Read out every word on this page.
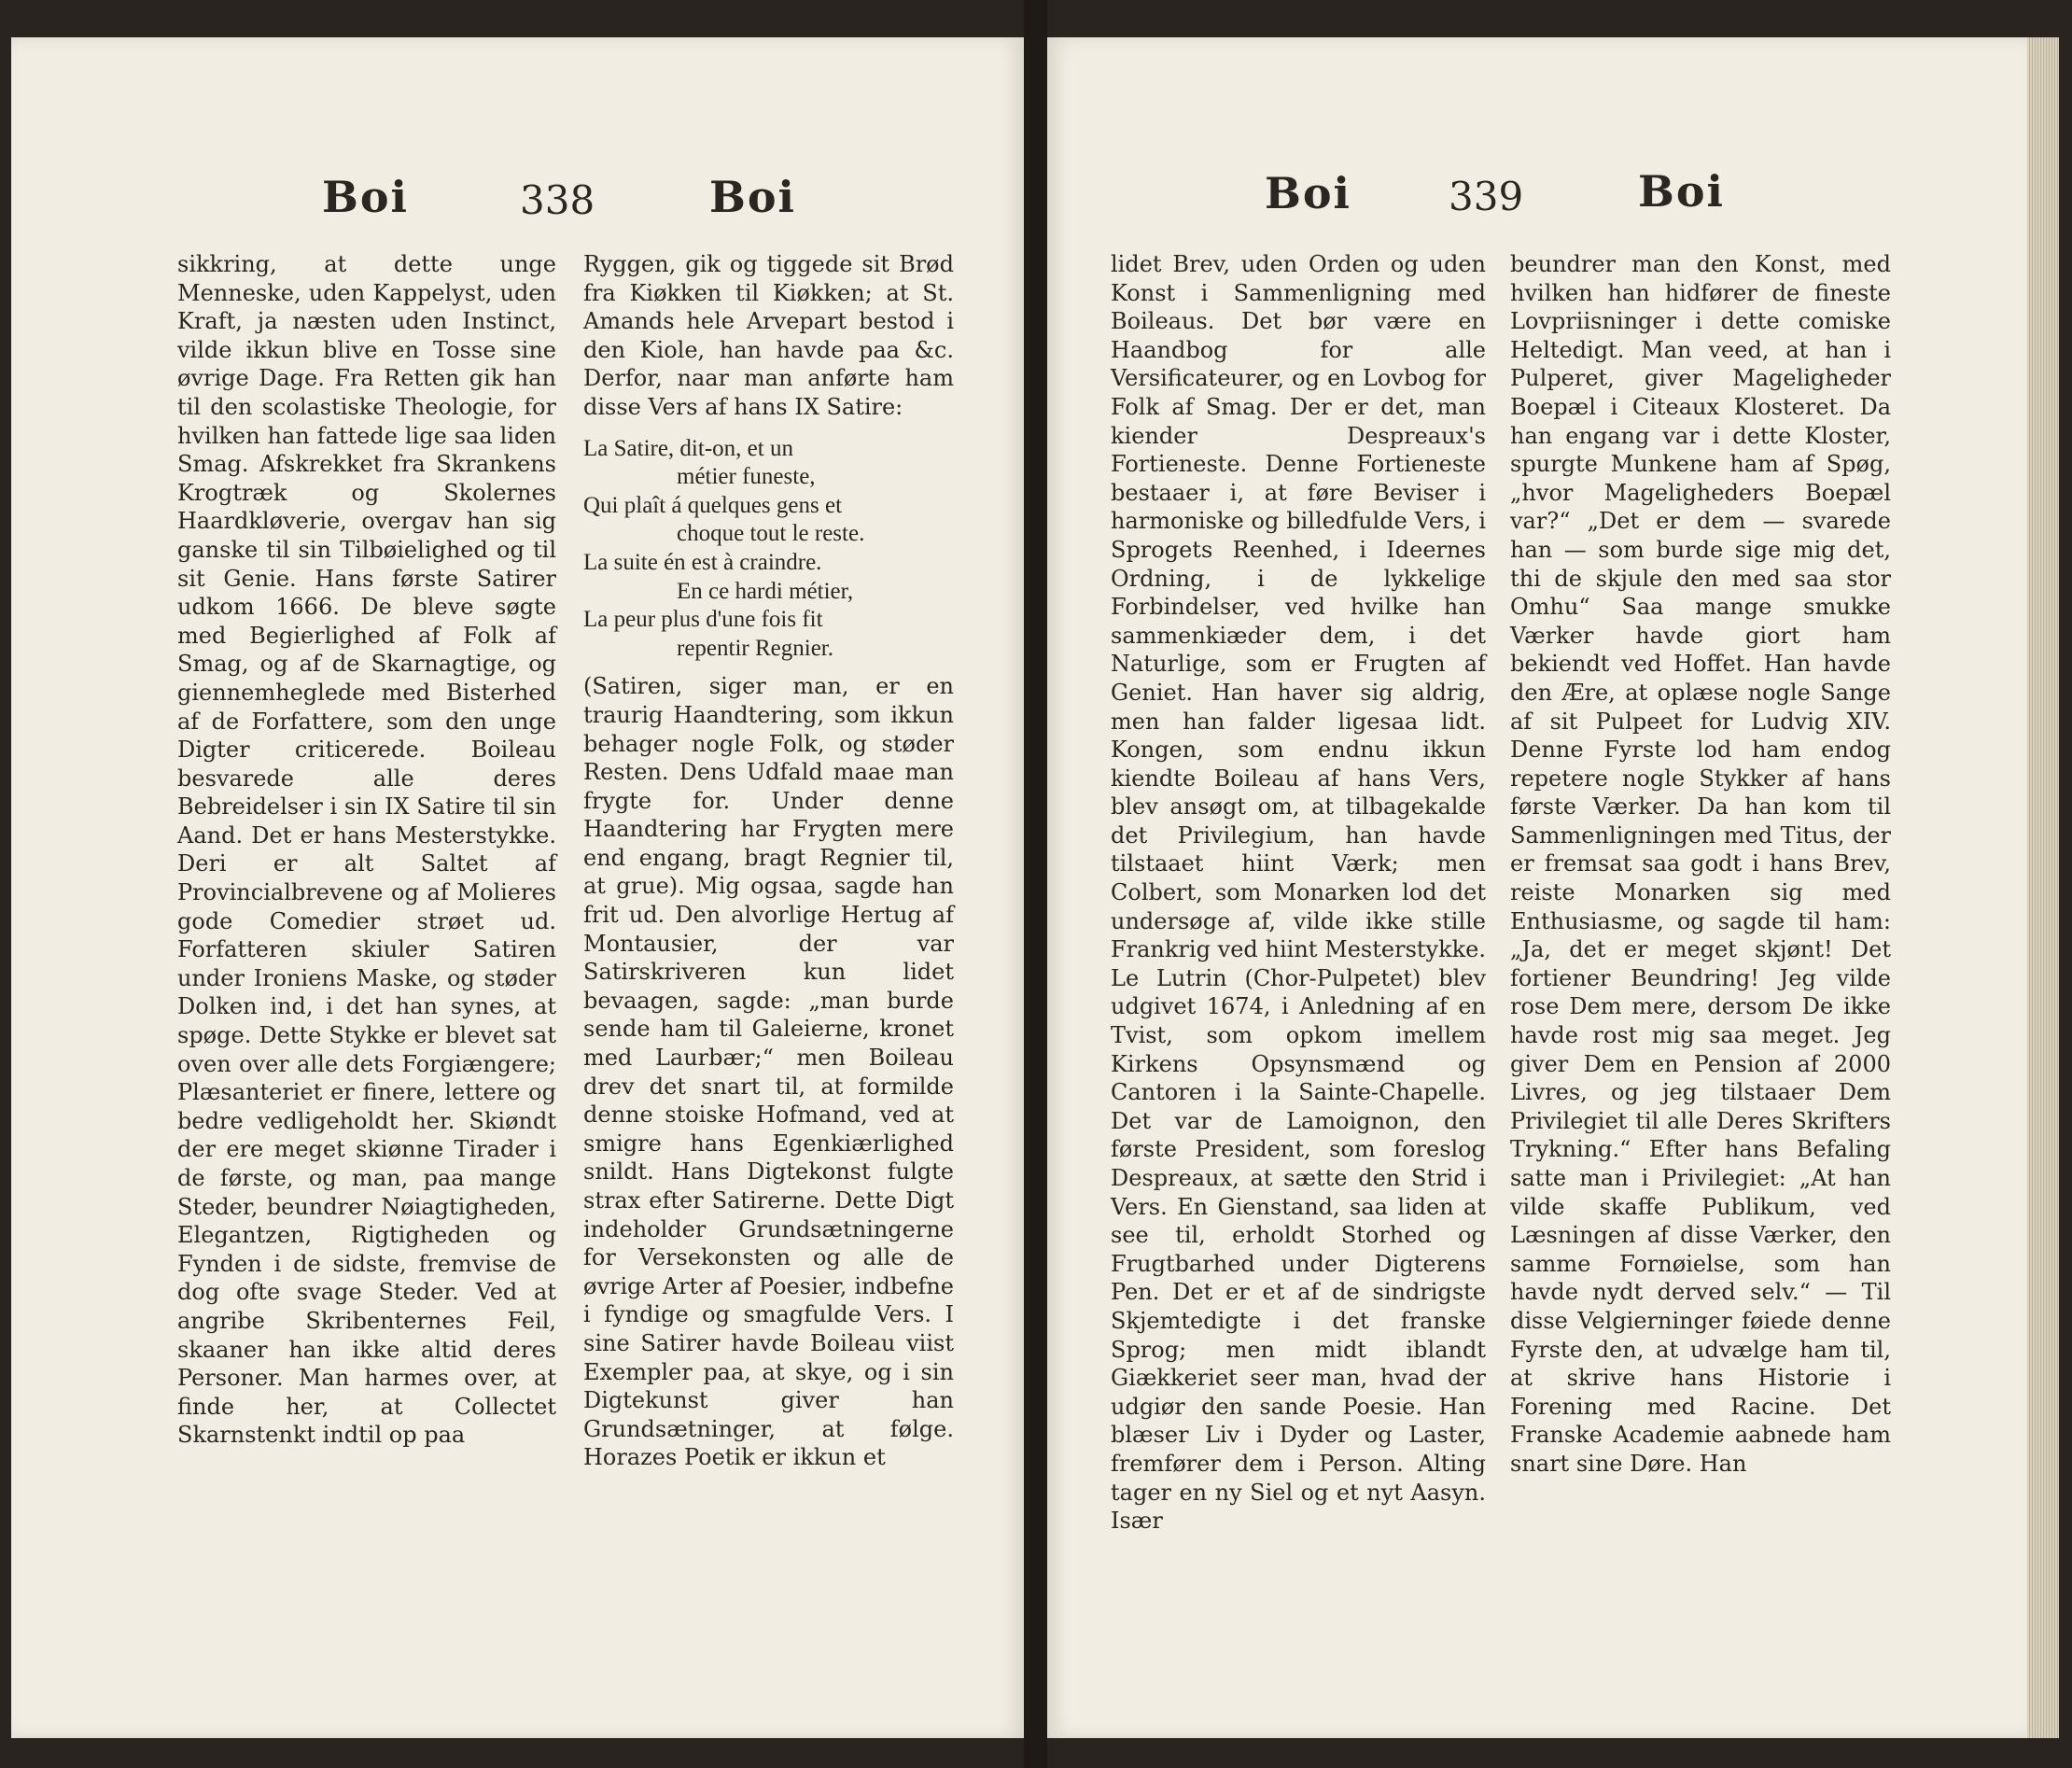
Boi	338	Boi

sikkring, at dette unge Menneske, uden Kappelyst, uden Kraft, ja næsten uden Instinct, vilde ikkun blive en Tosse sine øvrige Dage. Fra Retten gik han til den scolastiske Theologie, for hvilken han fattede lige saa liden Smag. Afskrekket fra Skrankens Krogtræk og Skolernes Haardkløverie, overgav han sig ganske til sin Tilbøielighed og til sit Genie. Hans første Satirer udkom 1666. De bleve søgte med Begierlighed af Folk af Smag, og af de Skarnagtige, og giennemheglede med Bisterhed af de Forfattere, som den unge Digter criticerede. Boileau besvarede alle deres Bebreidelser i sin IX Satire til sin Aand. Det er hans Mesterstykke. Deri er alt Saltet af Provincialbrevene og af Molieres gode Comedier strøet ud. Forfatteren skiuler Satiren under Ironiens Maske, og støder Dolken ind, i det han synes, at spøge. Dette Stykke er blevet sat oven over alle dets Forgiængere; Plæsanteriet er finere, lettere og bedre vedligeholdt her. Skiøndt der ere meget skiønne Tirader i de første, og man, paa mange Steder, beundrer Nøiagtigheden, Elegantzen, Rigtigheden og Fynden i de sidste, fremvise de dog ofte svage Steder. Ved at angribe Skribenternes Feil, skaaner han ikke altid deres Personer. Man harmes over, at finde her, at Collectet Skarnstenkt indtil op paa

Ryggen, gik og tiggede sit Brød fra Kiøkken til Kiøkken; at St. Amands hele Arvepart bestod i den Kiole, han havde paa &c. Derfor, naar man anførte ham disse Vers af hans IX Satire:

La Satire, dit-on, et un
métier funeste,
Qui plaît á quelques gens et
choque tout le reste.
La suite én est à craindre.
En ce hardi métier,
La peur plus d'une fois fit
repentir Regnier.

(Satiren, siger man, er en traurig Haandtering, som ikkun behager nogle Folk, og støder Resten. Dens Udfald maae man frygte for. Under denne Haandtering har Frygten mere end engang, bragt Regnier til, at grue). Mig ogsaa, sagde han frit ud. Den alvorlige Hertug af Montausier, der var Satirskriveren kun lidet bevaagen, sagde: „man burde sende ham til Galeierne, kronet med Laurbær;“ men Boileau drev det snart til, at formilde denne stoiske Hofmand, ved at smigre hans Egenkiærlighed snildt. Hans Digtekonst fulgte strax efter Satirerne. Dette Digt indeholder Grundsætningerne for Versekonsten og alle de øvrige Arter af Poesier, indbefne i fyndige og smagfulde Vers. I sine Satirer havde Boileau viist Exempler paa, at skye, og i sin Digtekunst giver han Grundsætninger, at følge. Horazes Poetik er ikkun et

Boi 339	Boi

lidet Brev, uden Orden og uden Konst i Sammenligning med Boileaus. Det bør være en Haandbog for alle Versificateurer, og en Lovbog for Folk af Smag. Der er det, man kiender Despreaux's Fortieneste. Denne Fortieneste bestaaer i, at føre Beviser i harmoniske og billedfulde Vers, i Sprogets Reenhed, i Ideernes Ordning, i de lykkelige Forbindelser, ved hvilke han sammenkiæder dem, i det Naturlige, som er Frugten af Geniet. Han haver sig aldrig, men han falder ligesaa lidt. Kongen, som endnu ikkun kiendte Boileau af hans Vers, blev ansøgt om, at tilbagekalde det Privilegium, han havde tilstaaet hiint Værk; men Colbert, som Monarken lod det undersøge af, vilde ikke stille Frankrig ved hiint Mesterstykke. Le Lutrin (Chor-Pulpetet) blev udgivet 1674, i Anledning af en Tvist, som opkom imellem Kirkens Opsynsmænd og Cantoren i la Sainte-Chapelle. Det var de Lamoignon, den første President, som foreslog Despreaux, at sætte den Strid i Vers. En Gienstand, saa liden at see til, erholdt Storhed og Frugtbarhed under Digterens Pen. Det er et af de sindrigste Skjemtedigte i det franske Sprog; men midt iblandt Giækkeriet seer man, hvad der udgiør den sande Poesie. Han blæser Liv i Dyder og Laster, fremfører dem i Person. Alting tager en ny Siel og et nyt Aasyn. Især

beundrer man den Konst, med hvilken han hidfører de fineste Lovpriisninger i dette comiske Heltedigt. Man veed, at han i Pulperet, giver Mageligheder Boepæl i Citeaux Klosteret. Da han engang var i dette Kloster, spurgte Munkene ham af Spøg, „hvor Mageligheders Boepæl var?“ „Det er dem — svarede han — som burde sige mig det, thi de skjule den med saa stor Omhu“ Saa mange smukke Værker havde giort ham bekiendt ved Hoffet. Han havde den Ære, at oplæse nogle Sange af sit Pulpeet for Ludvig XIV. Denne Fyrste lod ham endog repetere nogle Stykker af hans første Værker. Da han kom til Sammenligningen med Titus, der er fremsat saa godt i hans Brev, reiste Monarken sig med Enthusiasme, og sagde til ham: „Ja, det er meget skjønt! Det fortiener Beundring! Jeg vilde rose Dem mere, dersom De ikke havde rost mig saa meget. Jeg giver Dem en Pension af 2000 Livres, og jeg tilstaaer Dem Privilegiet til alle Deres Skrifters Trykning.“ Efter hans Befaling satte man i Privilegiet: „At han vilde skaffe Publikum, ved Læsningen af disse Værker, den samme Fornøielse, som han havde nydt derved selv.“ — Til disse Velgierninger føiede denne Fyrste den, at udvælge ham til, at skrive hans Historie i Forening med Racine. Det Franske Academie aabnede ham snart sine Døre. Han
